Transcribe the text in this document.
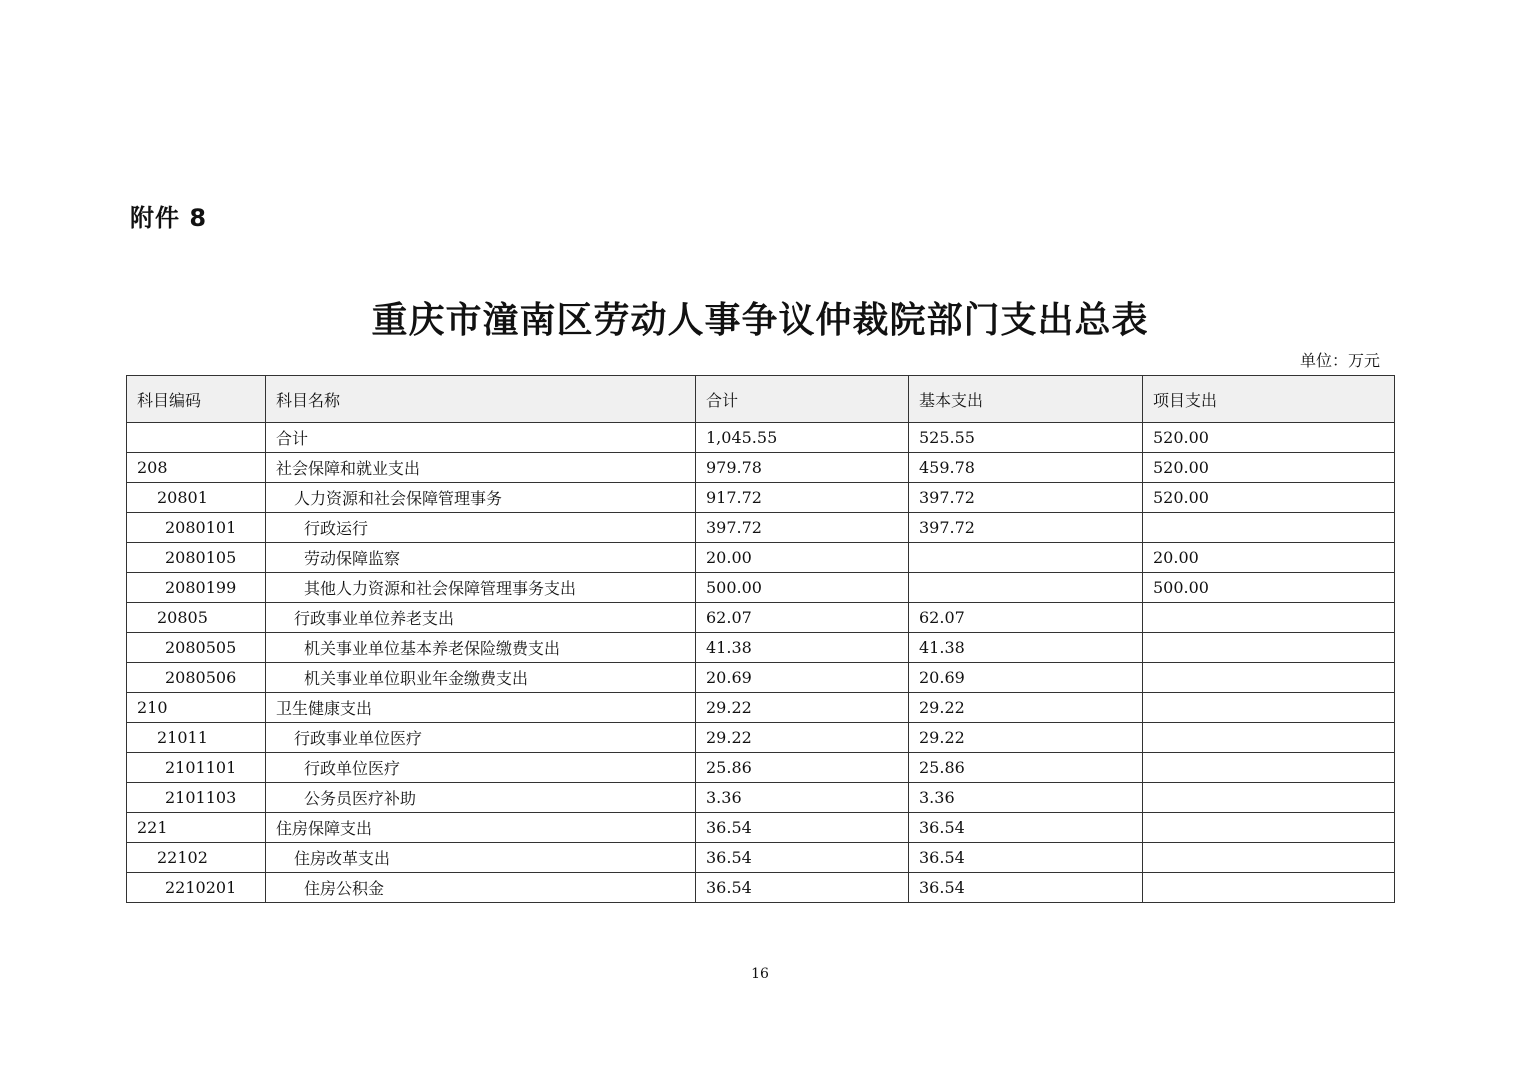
附件 8
重庆市潼南区劳动人事争议仲裁院部门支出总表
单位：万元
科目编码	科目名称	合计	基本支出	项目支出
	合计	1,045.55	525.55	520.00
208	社会保障和就业支出	979.78	459.78	520.00
20801	人力资源和社会保障管理事务	917.72	397.72	520.00
2080101	行政运行	397.72	397.72	
2080105	劳动保障监察	20.00		20.00
2080199	其他人力资源和社会保障管理事务支出	500.00		500.00
20805	行政事业单位养老支出	62.07	62.07	
2080505	机关事业单位基本养老保险缴费支出	41.38	41.38	
2080506	机关事业单位职业年金缴费支出	20.69	20.69	
210	卫生健康支出	29.22	29.22	
21011	行政事业单位医疗	29.22	29.22	
2101101	行政单位医疗	25.86	25.86	
2101103	公务员医疗补助	3.36	3.36	
221	住房保障支出	36.54	36.54	
22102	住房改革支出	36.54	36.54	
2210201	住房公积金	36.54	36.54	
16
